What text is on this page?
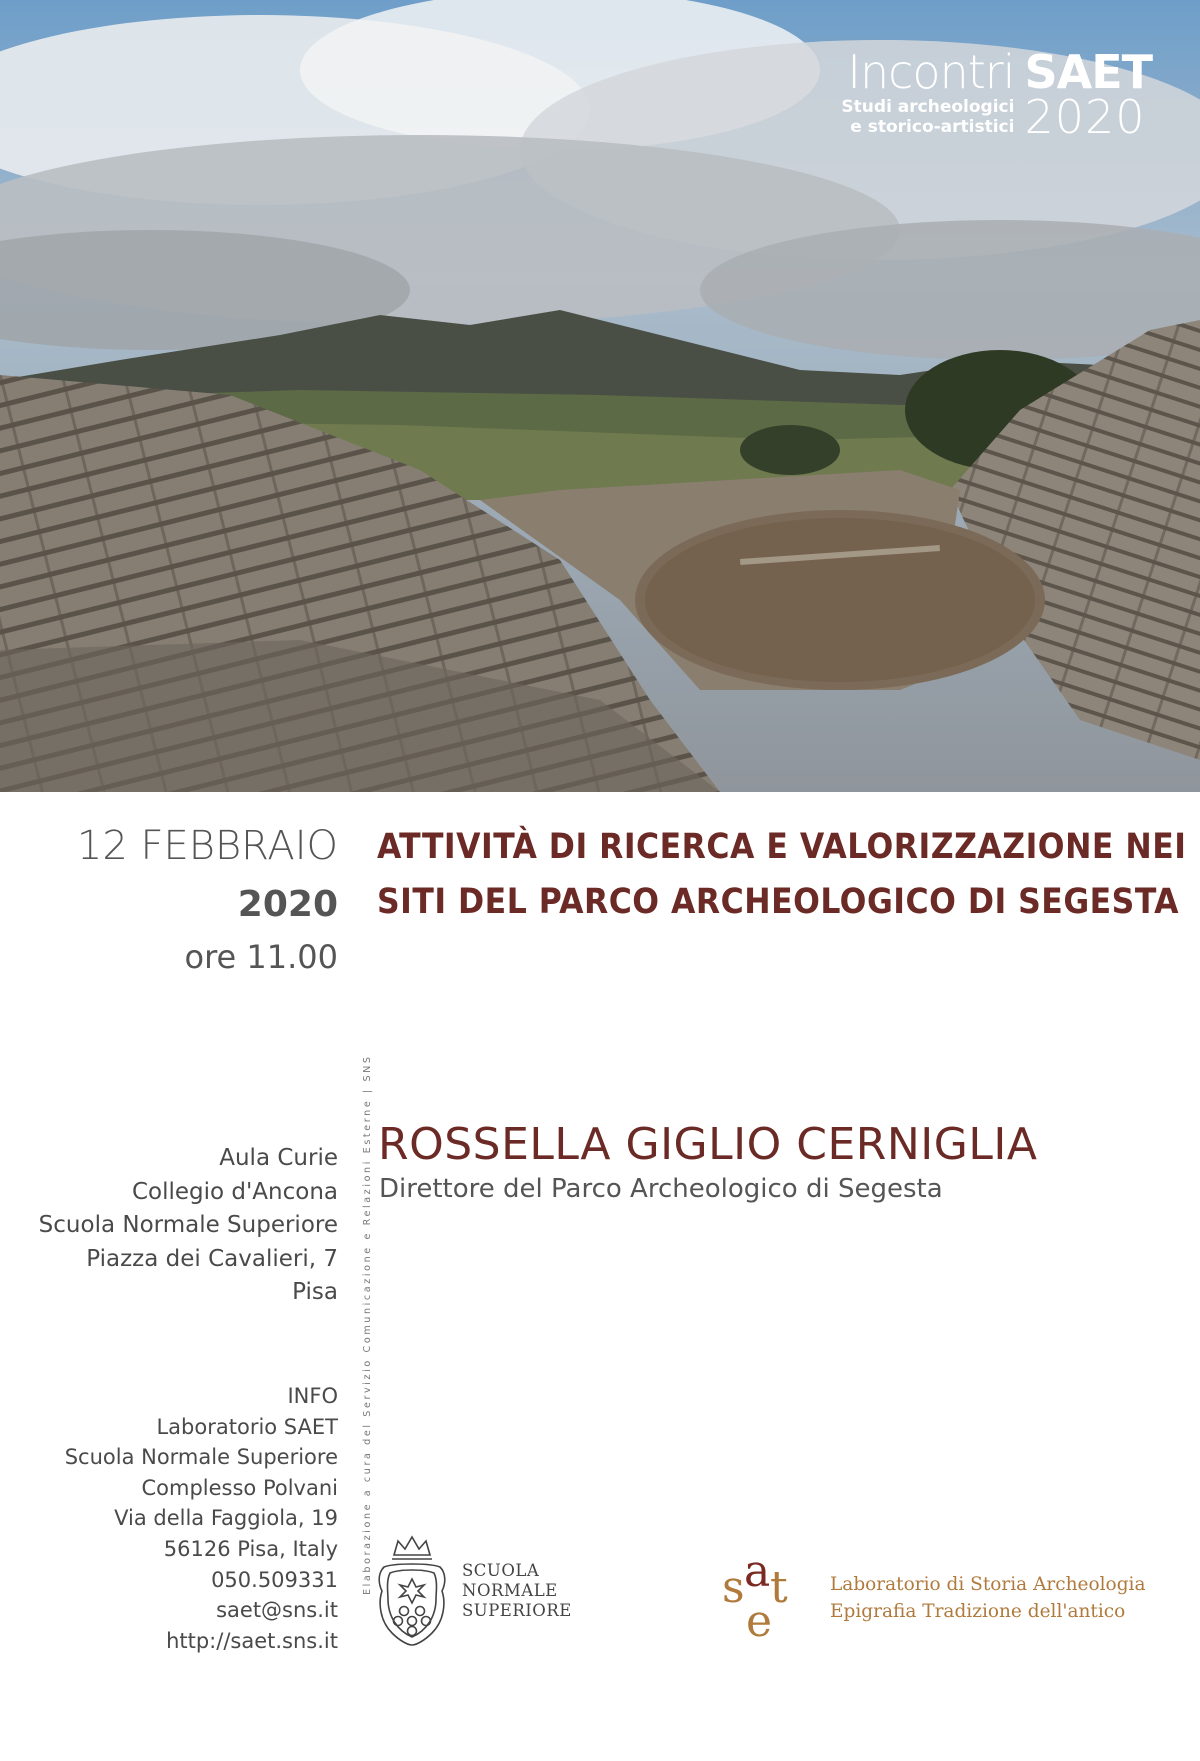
Incontri
Studi archeologici
e storico-artistici
SAET
2020
12 FEBBRAIO
2020
ore 11.00
Aula Curie
Collegio d'Ancona
Scuola Normale Superiore
Piazza dei Cavalieri, 7
Pisa
INFO
Laboratorio SAET
Scuola Normale Superiore
Complesso Polvani
Via della Faggiola, 19
56126 Pisa, Italy
050.509331
saet@sns.it
http://saet.sns.it
Elaborazione a cura del Servizio Comunicazione e Relazioni Esterne | SNS
ATTIVITÀ DI RICERCA E VALORIZZAZIONE NEI
SITI DEL PARCO ARCHEOLOGICO DI SEGESTA
ROSSELLA GIGLIO CERNIGLIA
Direttore del Parco Archeologico di Segesta
SCUOLA
NORMALE
SUPERIORE	s a t
e
Laboratorio di Storia Archeologia
Epigrafia Tradizione dell'antico
